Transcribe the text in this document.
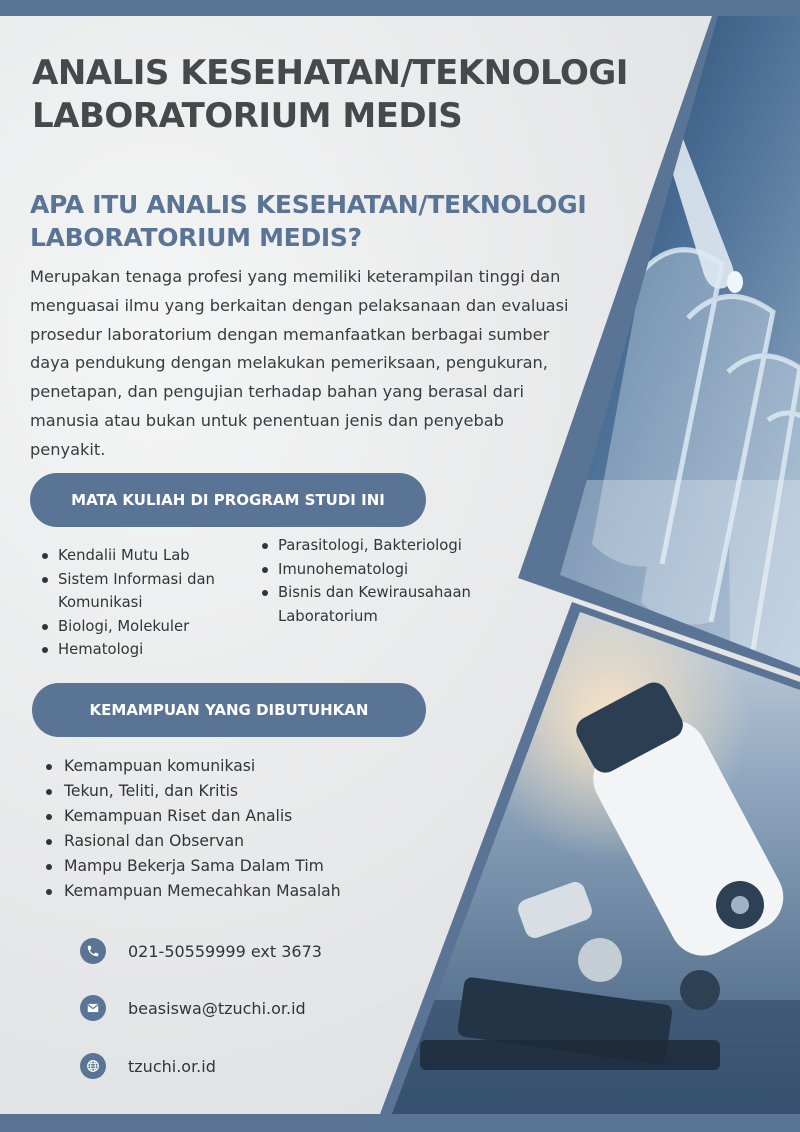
ANALIS KESEHATAN/TEKNOLOGI
LABORATORIUM MEDIS
APA ITU ANALIS KESEHATAN/TEKNOLOGI
LABORATORIUM MEDIS?

Merupakan tenaga profesi yang memiliki keterampilan tinggi dan menguasai ilmu yang berkaitan dengan pelaksanaan dan evaluasi prosedur laboratorium dengan memanfaatkan berbagai sumber daya pendukung dengan melakukan pemeriksaan, pengukuran, penetapan, dan pengujian terhadap bahan yang berasal dari manusia atau bukan untuk penentuan jenis dan penyebab penyakit.

MATA KULIAH DI PROGRAM STUDI INI
Kendalii Mutu Lab
Sistem Informasi dan Komunikasi
Biologi, Molekuler
Hematologi
Parasitologi, Bakteriologi
Imunohematologi
Bisnis dan Kewirausahaan Laboratorium
KEMAMPUAN YANG DIBUTUHKAN
Kemampuan komunikasi
Tekun, Teliti, dan Kritis
Kemampuan Riset dan Analis
Rasional dan Observan
Mampu Bekerja Sama Dalam Tim
Kemampuan Memecahkan Masalah
021-50559999 ext 3673
beasiswa@tzuchi.or.id
tzuchi.or.id
